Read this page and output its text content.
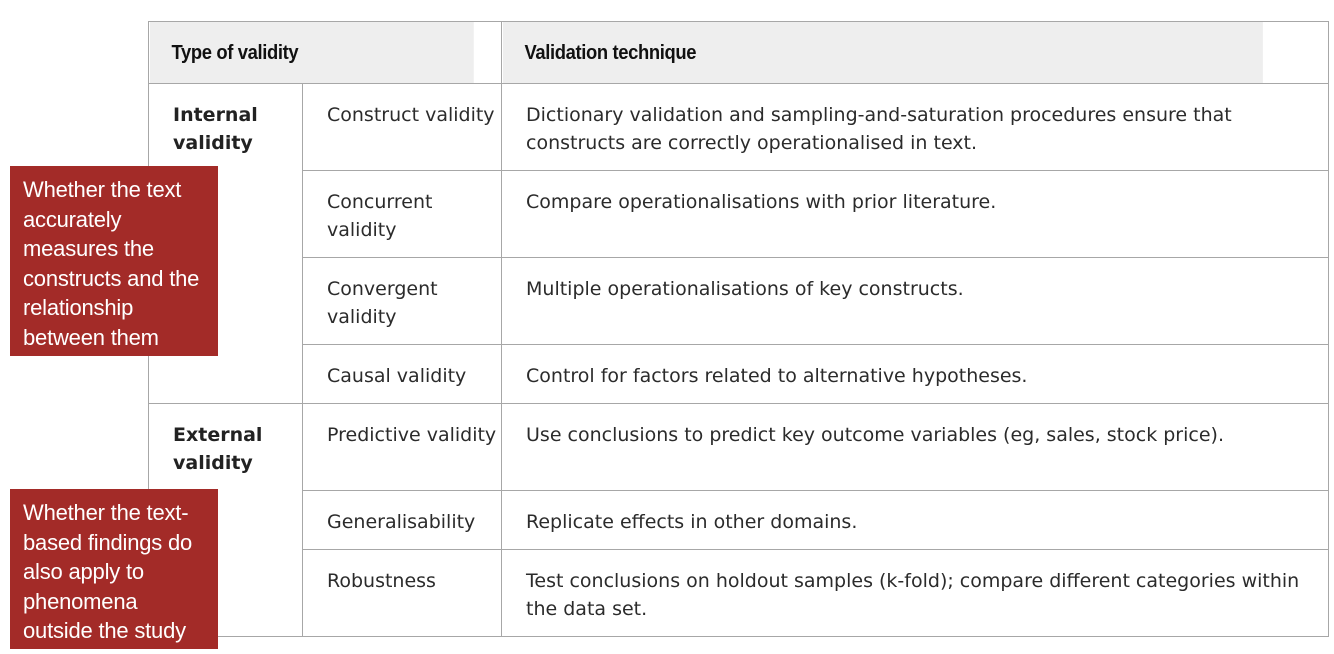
Type of validity		Validation technique
Internal validity	Construct validity	Dictionary validation and sampling-and-saturation procedures ensure that constructs are correctly operationalised in text.
	Concurrent validity	Compare operationalisations with prior literature.
	Convergent validity	Multiple operationalisations of key constructs.
	Causal validity	Control for factors related to alternative hypotheses.
External validity	Predictive validity	Use conclusions to predict key outcome variables (eg, sales, stock price).
	Generalisability	Replicate effects in other domains.
	Robustness	Test conclusions on holdout samples (k-fold); compare different categories within the data set.
Whether the text accurately measures the constructs and the relationship between them
Whether the text-based findings do also apply to phenomena outside the study
